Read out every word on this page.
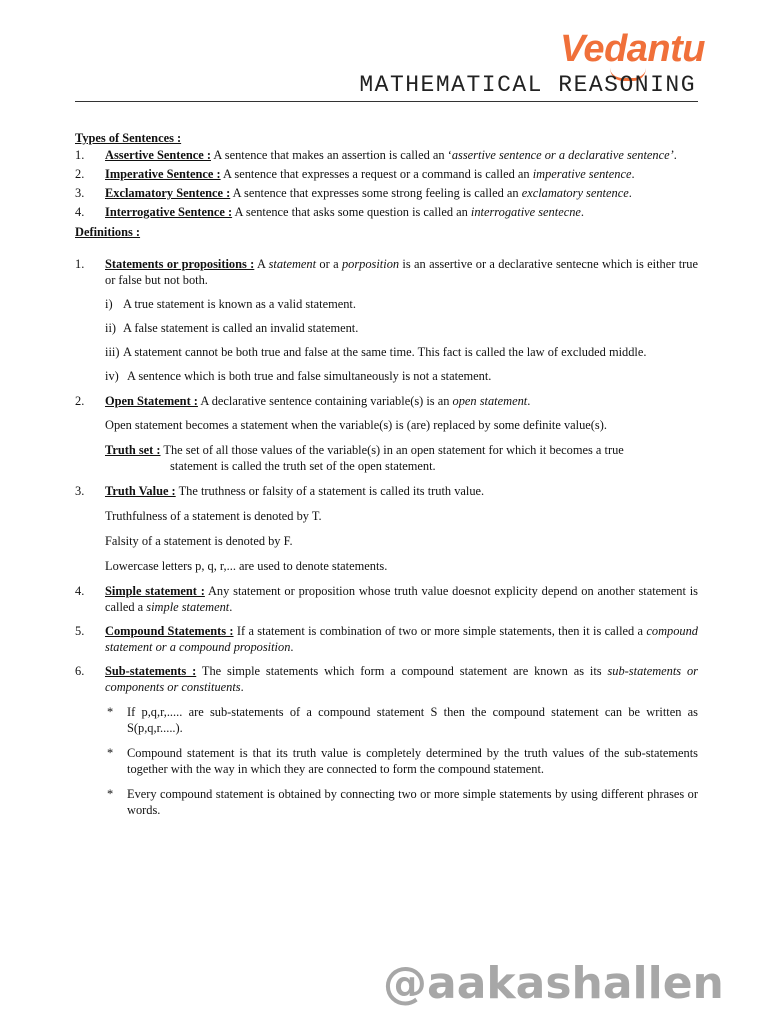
Vedantu
MATHEMATICAL REASONING

Types of Sentences :

1. Assertive Sentence : A sentence that makes an assertion is called an ‘assertive sentence or a declarative sentence’.
2. Imperative Sentence : A sentence that expresses a request or a command is called an imperative sentence.
3. Exclamatory Sentence : A sentence that expresses some strong feeling is called an exclamatory sentence.
4. Interrogative Sentence : A sentence that asks some question is called an interrogative sentecne.

Definitions :

1. Statements or propositions : A statement or a porposition is an assertive or a declarative sentecne which is either true or false but not both.
i) A true statement is known as a valid statement.
ii) A false statement is called an invalid statement.
iii) A statement cannot be both true and false at the same time. This fact is called the law of excluded middle.
iv) A sentence which is both true and false simultaneously is not a statement.
2. Open Statement : A declarative sentence containing variable(s) is an open statement.
Open statement becomes a statement when the variable(s) is (are) replaced by some definite value(s).
Truth set : The set of all those values of the variable(s) in an open statement for which it becomes a true
statement is called the truth set of the open statement.
3. Truth Value : The truthness or falsity of a statement is called its truth value.
Truthfulness of a statement is denoted by T.
Falsity of a statement is denoted by F.
Lowercase letters p, q, r,... are used to denote statements.
4. Simple statement : Any statement or proposition whose truth value doesnot explicity depend on another statement is called a simple statement.
5. Compound Statements : If a statement is combination of two or more simple statements, then it is called a compound statement or a compound proposition.
6. Sub-statements : The simple statements which form a compound statement are known as its sub-statements or components or constituents.
* If p,q,r,..... are sub-statements of a compound statement S then the compound statement can be written as S(p,q,r.....).
* Compound statement is that its truth value is completely determined by the truth values of the sub-statements together with the way in which they are connected to form the compound statement.
* Every compound statement is obtained by connecting two or more simple statements by using different phrases or words.
@aakashallen
